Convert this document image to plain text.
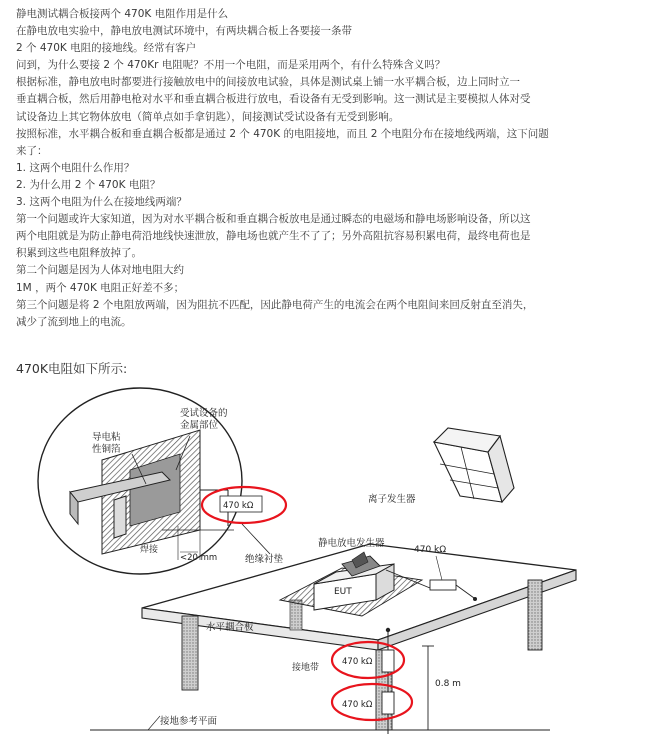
静电测试耦合板接两个 470K 电阻作用是什么

在静电放电实验中，静电放电测试环境中，有两块耦合板上各要接一条带

2 个 470K 电阻的接地线。经常有客户

问到，为什么要接 2 个 470Kr 电阻呢？不用一个电阻，而是采用两个，有什么特殊含义吗？

根据标准，静电放电时都要进行接触放电中的间接放电试验，具体是测试桌上铺一水平耦合板，边上同时立一

垂直耦合板，然后用静电枪对水平和垂直耦合板进行放电，看设备有无受到影响。这一测试是主要模拟人体对受

试设备边上其它物体放电（简单点如手拿钥匙），间接测试受试设备有无受到影响。

按照标准，水平耦合板和垂直耦合板都是通过 2 个 470K 的电阻接地，而且 2 个电阻分布在接地线两端，这下问题

来了：

1. 这两个电阻什么作用？

2. 为什么用 2 个 470K 电阻？

3. 这两个电阻为什么在接地线两端？

第一个问题或许大家知道，因为对水平耦合板和垂直耦合板放电是通过瞬态的电磁场和静电场影响设备，所以这

两个电阻就是为防止静电荷沿地线快速泄放，静电场也就产生不了了；另外高阻抗容易积累电荷，最终电荷也是

积累到这些电阻释放掉了。

第二个问题是因为人体对地电阻大约

1M ，两个 470K 电阻正好差不多；

第三个问题是将 2 个电阻放两端，因为阻抗不匹配，因此静电荷产生的电流会在两个电阻间来回反射直至消失，

减少了流到地上的电流。

470K电阻如下所示:
导电粘
性铜箔
受试设备的
金属部位
470 kΩ
焊接
<20 mm
离子发生器
EUT
静电放电发生器
绝缘衬垫
水平耦合板
470 kΩ
470 kΩ
470 kΩ
接地带
0.8 m
接地参考平面
